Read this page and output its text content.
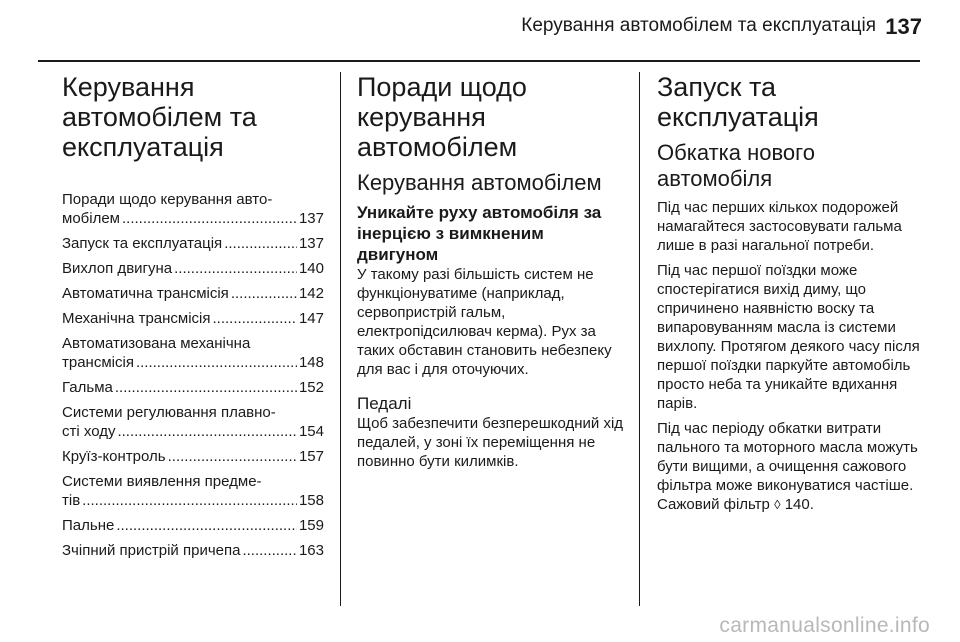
Керування автомобілем та експлуатація 137
Керування автомобілем та експлуатація
Поради щодо керування авто-
мобілем .....	137
Запуск та експлуатація .....	137
Вихлоп двигуна .....	140
Автоматична трансмісія .....	142
Механічна трансмісія .....	147
Автоматизована механічна
трансмісія .....	148
Гальма .....	152
Системи регулювання плавно-
сті ходу .....	154
Круїз-контроль .....	157
Системи виявлення предме-
тів .....	158
Пальне .....	159
Зчіпний пристрій причепа .....	163
Поради щодо керування автомобілем
Керування автомобілем
Уникайте руху автомобіля за інерцією з вимкненим двигуном

У такому разі більшість систем не функціонуватиме (наприклад, сервопристрій гальм, електропідсилювач керма). Рух за таких обставин становить небезпеку для вас і для оточуючих.

Педалі

Щоб забезпечити безперешкодний хід педалей, у зоні їх переміщення не повинно бути килимків.

Запуск та експлуатація
Обкатка нового автомобіля

Під час перших кількох подорожей намагайтеся застосовувати гальма лише в разі нагальної потреби.

Під час першої поїздки може спостерігатися вихід диму, що спричинено наявністю воску та випаровуванням масла із системи вихлопу. Протягом деякого часу після першої поїздки паркуйте автомобіль просто неба та уникайте вдихання парів.

Під час періоду обкатки витрати пального та моторного масла можуть бути вищими, а очищення сажового фільтра може виконуватися частіше. Сажовий фільтр ◊ 140.

carmanualsonline.info
